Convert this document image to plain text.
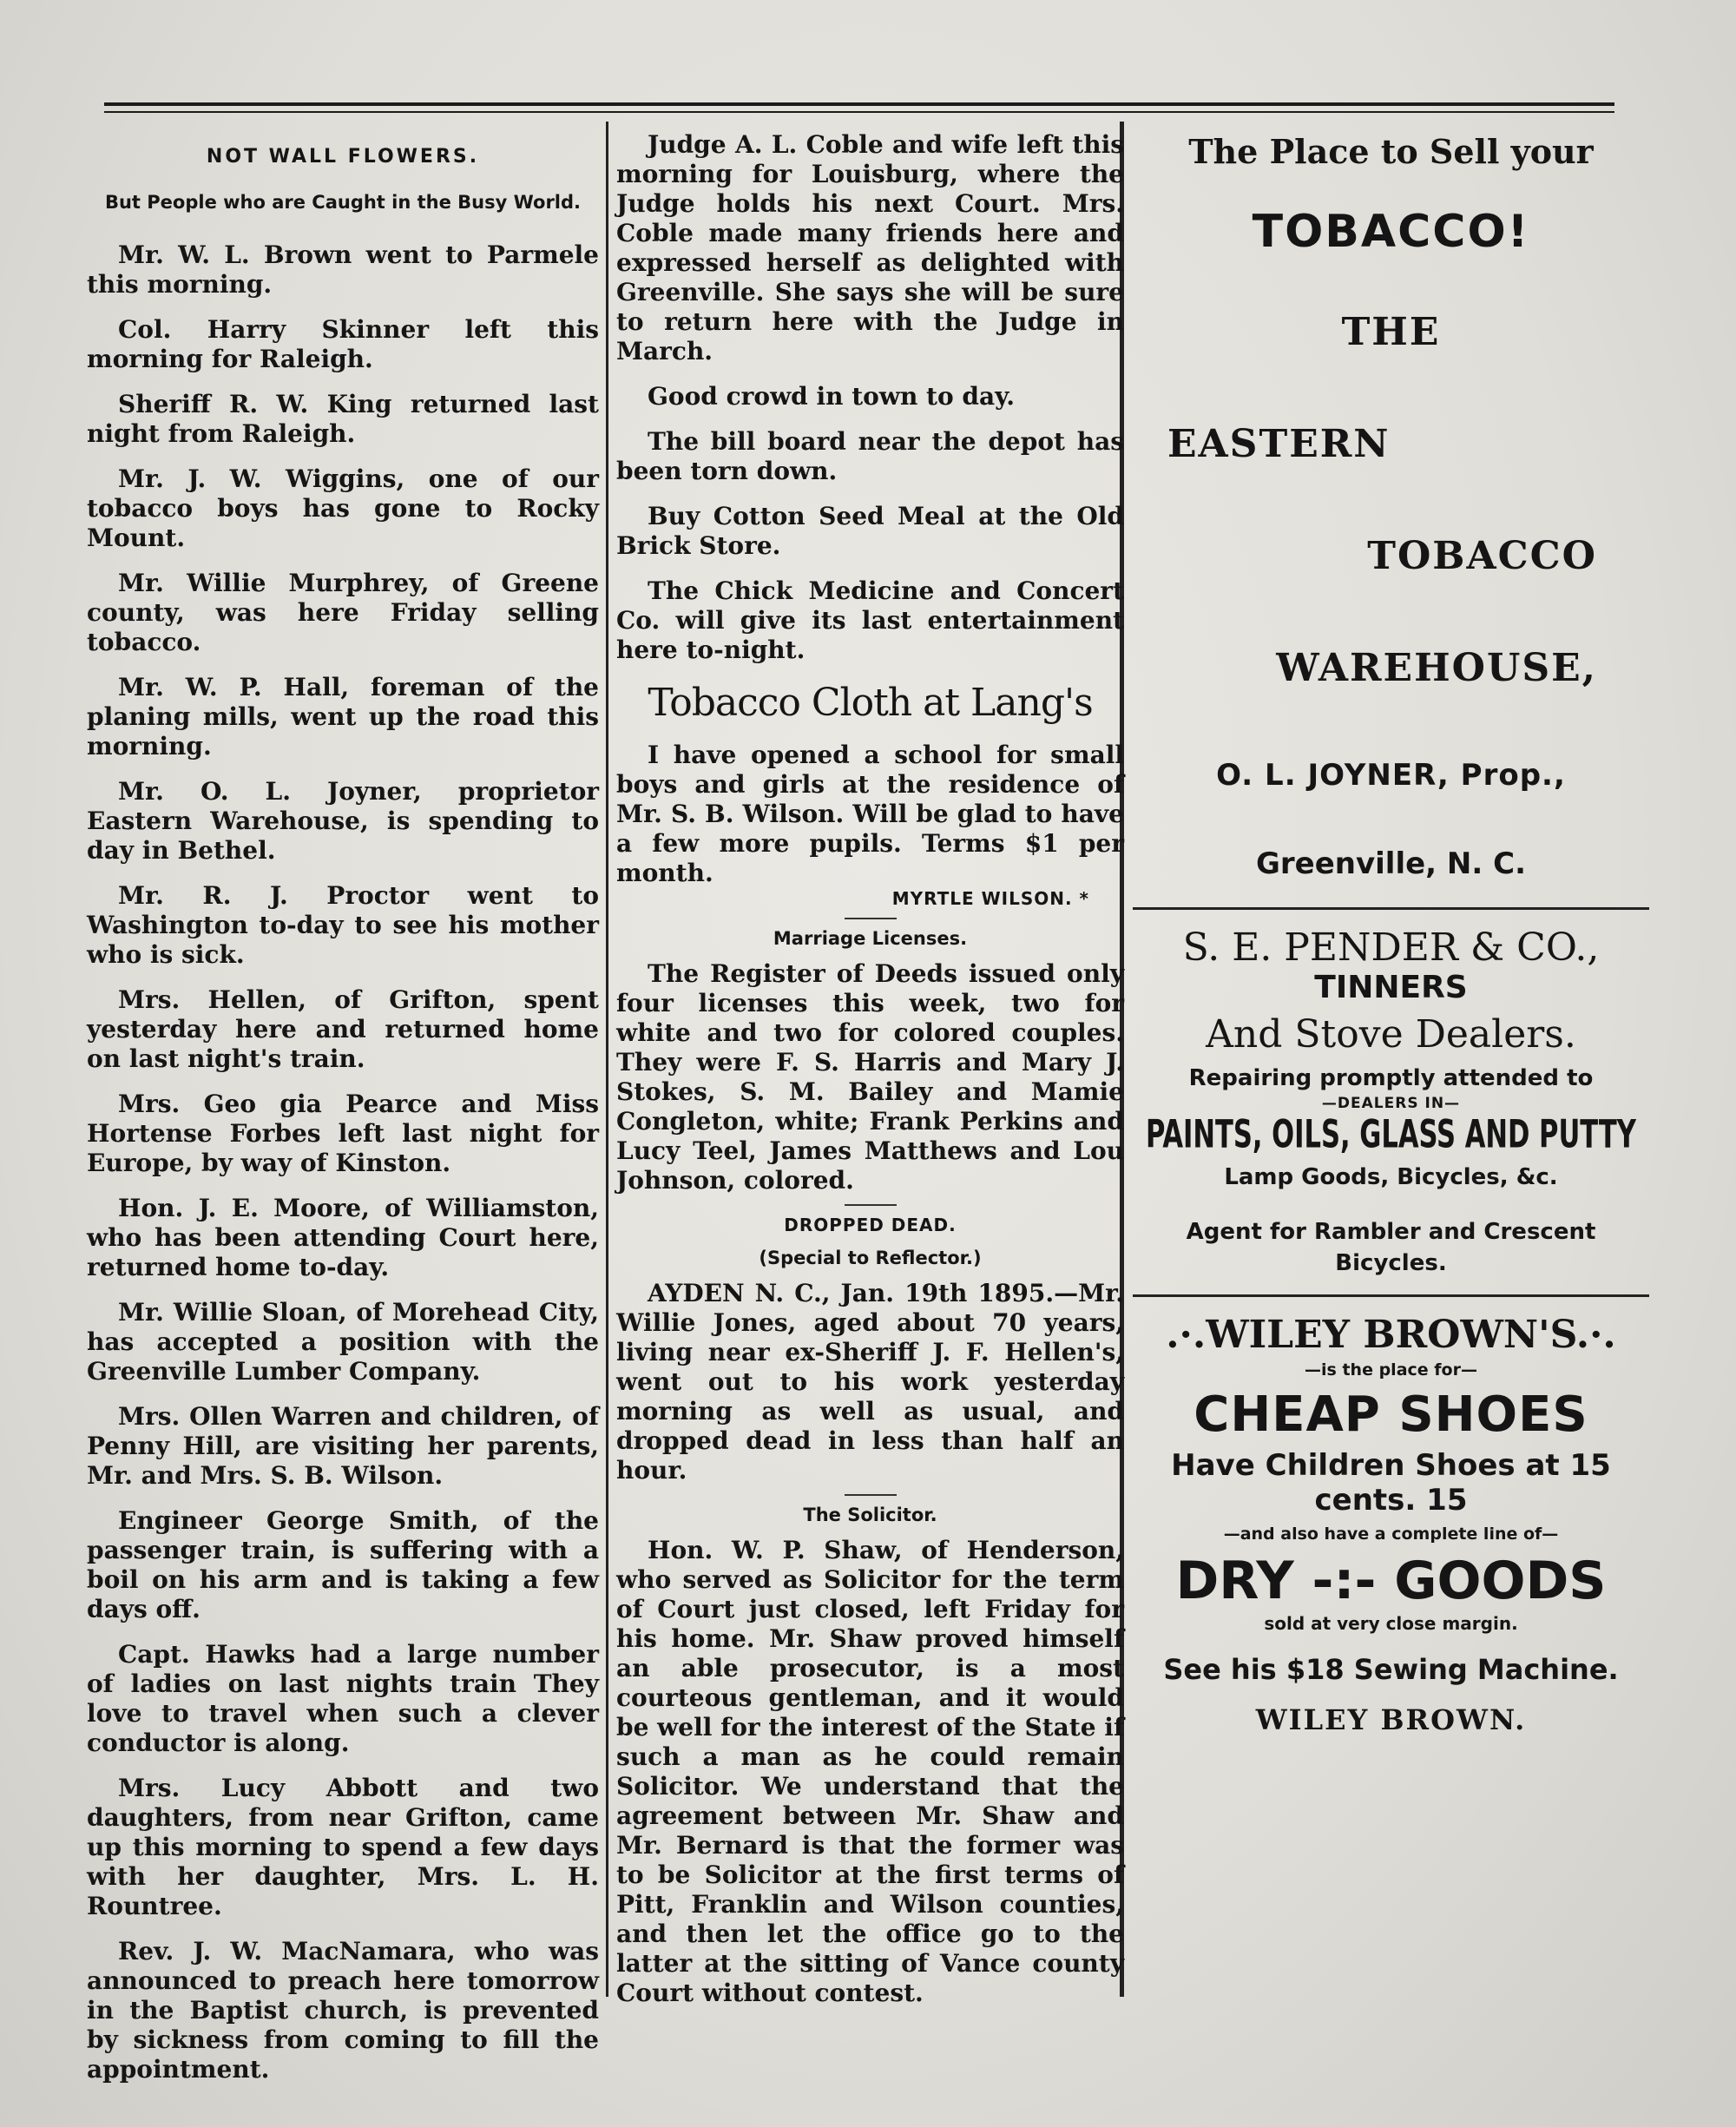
NOT WALL FLOWERS.
But People who are Caught in the Busy World.
Mr. W. L. Brown went to Parmele this morning.
Col. Harry Skinner left this morning for Raleigh.
Sheriff R. W. King returned last night from Raleigh.
Mr. J. W. Wiggins, one of our tobacco boys has gone to Rocky Mount.
Mr. Willie Murphrey, of Greene county, was here Friday selling tobacco.
Mr. W. P. Hall, foreman of the planing mills, went up the road this morning.
Mr. O. L. Joyner, proprietor Eastern Warehouse, is spending to day in Bethel.
Mr. R. J. Proctor went to Washington to-day to see his mother who is sick.
Mrs. Hellen, of Grifton, spent yesterday here and returned home on last night's train.
Mrs. Geo gia Pearce and Miss Hortense Forbes left last night for Europe, by way of Kinston.
Hon. J. E. Moore, of Williamston, who has been attending Court here, returned home to-day.
Mr. Willie Sloan, of Morehead City, has accepted a position with the Greenville Lumber Company.
Mrs. Ollen Warren and children, of Penny Hill, are visiting her parents, Mr. and Mrs. S. B. Wilson.
Engineer George Smith, of the passenger train, is suffering with a boil on his arm and is taking a few days off.
Capt. Hawks had a large number of ladies on last nights train They love to travel when such a clever conductor is along.
Mrs. Lucy Abbott and two daughters, from near Grifton, came up this morning to spend a few days with her daughter, Mrs. L. H. Rountree.
Rev. J. W. MacNamara, who was announced to preach here tomorrow in the Baptist church, is prevented by sickness from coming to fill the appointment.
Judge A. L. Coble and wife left this morning for Louisburg, where the Judge holds his next Court. Mrs. Coble made many friends here and expressed herself as delighted with Greenville. She says she will be sure to return here with the Judge in March.
Good crowd in town to day.
The bill board near the depot has been torn down.
Buy Cotton Seed Meal at the Old Brick Store.
The Chick Medicine and Concert Co. will give its last entertainment here to-night.
Tobacco Cloth at Lang's
I have opened a school for small boys and girls at the residence of Mr. S. B. Wilson. Will be glad to have a few more pupils. Terms $1 per month.
MYRTLE WILSON. *
Marriage Licenses.
The Register of Deeds issued only four licenses this week, two for white and two for colored couples. They were F. S. Harris and Mary J. Stokes, S. M. Bailey and Mamie Congleton, white; Frank Perkins and Lucy Teel, James Matthews and Lou Johnson, colored.
DROPPED DEAD.
(Special to Reflector.)
AYDEN N. C., Jan. 19th 1895.—Mr. Willie Jones, aged about 70 years, living near ex-Sheriff J. F. Hellen's, went out to his work yesterday morning as well as usual, and dropped dead in less than half an hour.
The Solicitor.
Hon. W. P. Shaw, of Henderson, who served as Solicitor for the term of Court just closed, left Friday for his home. Mr. Shaw proved himself an able prosecutor, is a most courteous gentleman, and it would be well for the interest of the State if such a man as he could remain Solicitor. We understand that the agreement between Mr. Shaw and Mr. Bernard is that the former was to be Solicitor at the first terms of Pitt, Franklin and Wilson counties, and then let the office go to the latter at the sitting of Vance county Court without contest.
The Place to Sell your
TOBACCO!
THE
EASTERN
TOBACCO
WAREHOUSE,
O. L. JOYNER, Prop.,
Greenville, N. C.
S. E. PENDER & CO.,
TINNERS
And Stove Dealers.
Repairing promptly attended to
—DEALERS IN—
PAINTS, OILS, GLASS AND PUTTY
Lamp Goods, Bicycles, &c.
Agent for Rambler and Crescent Bicycles.
.·.WILEY BROWN'S.·.
—is the place for—
CHEAP SHOES
Have Children Shoes at 15 cents. 15
—and also have a complete line of—
DRY -:- GOODS
sold at very close margin.
See his $18 Sewing Machine.
WILEY BROWN.
